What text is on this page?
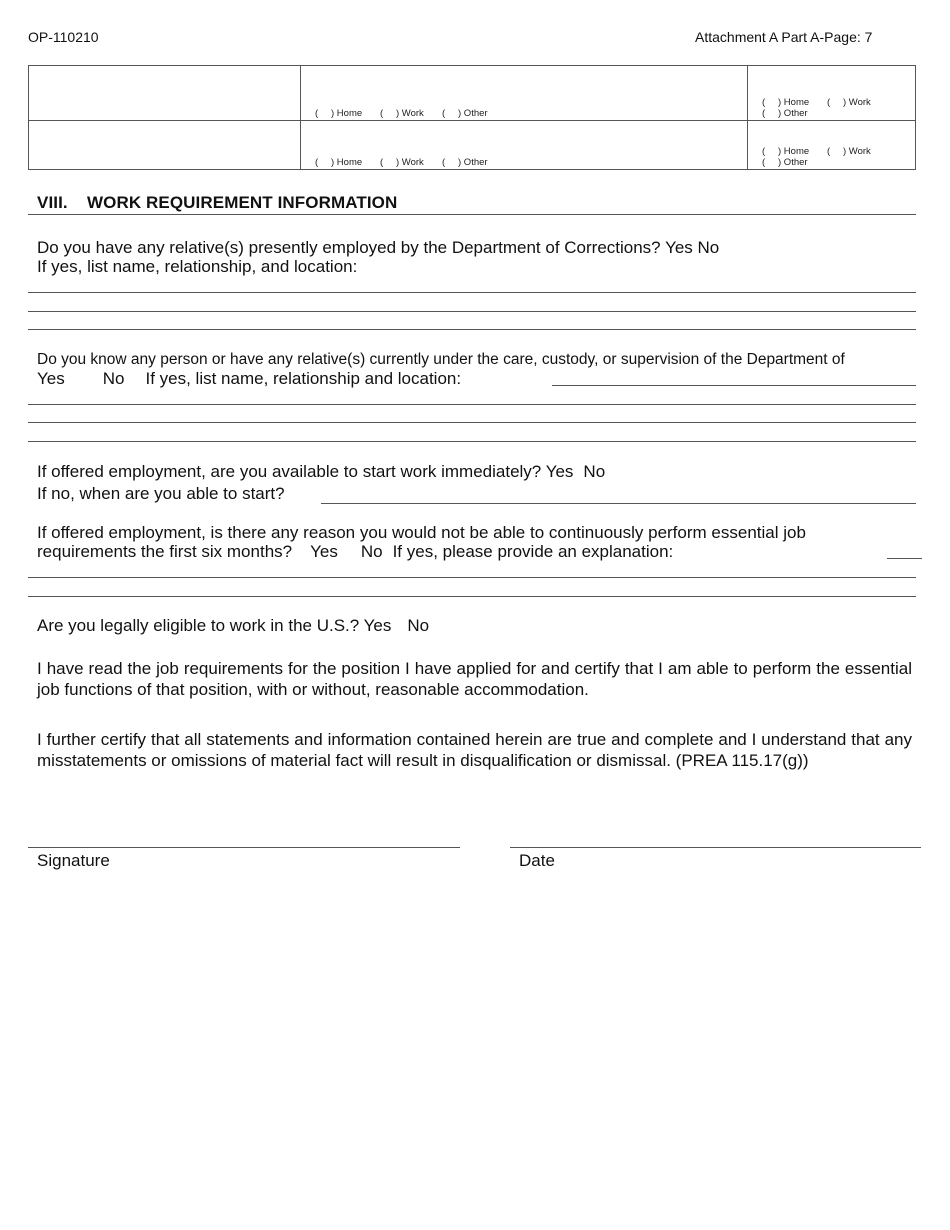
OP-110210	Attachment A Part A-Page: 7
( ) Home ( ) Work ( ) Other
( ) Home ( ) Work
( ) Other
( ) Home ( ) Work ( ) Other
( ) Home ( ) Work
( ) Other
VIII. WORK REQUIREMENT INFORMATION
Do you have any relative(s) presently employed by the Department of Corrections? Yes No
If yes, list name, relationship, and location:
Do you know any person or have any relative(s) currently under the care, custody, or supervision of the Department of
Yes No If yes, list name, relationship and location:
If offered employment, are you available to start work immediately? Yes No
If no, when are you able to start?
If offered employment, is there any reason you would not be able to continuously perform essential job
requirements the first six months? Yes No If yes, please provide an explanation:
Are you legally eligible to work in the U.S.? Yes No
I have read the job requirements for the position I have applied for and certify that I am able to perform the essential job functions of that position, with or without, reasonable accommodation.
I further certify that all statements and information contained herein are true and complete and I understand that any misstatements or omissions of material fact will result in disqualification or dismissal. (PREA 115.17(g))
Signature	Date
